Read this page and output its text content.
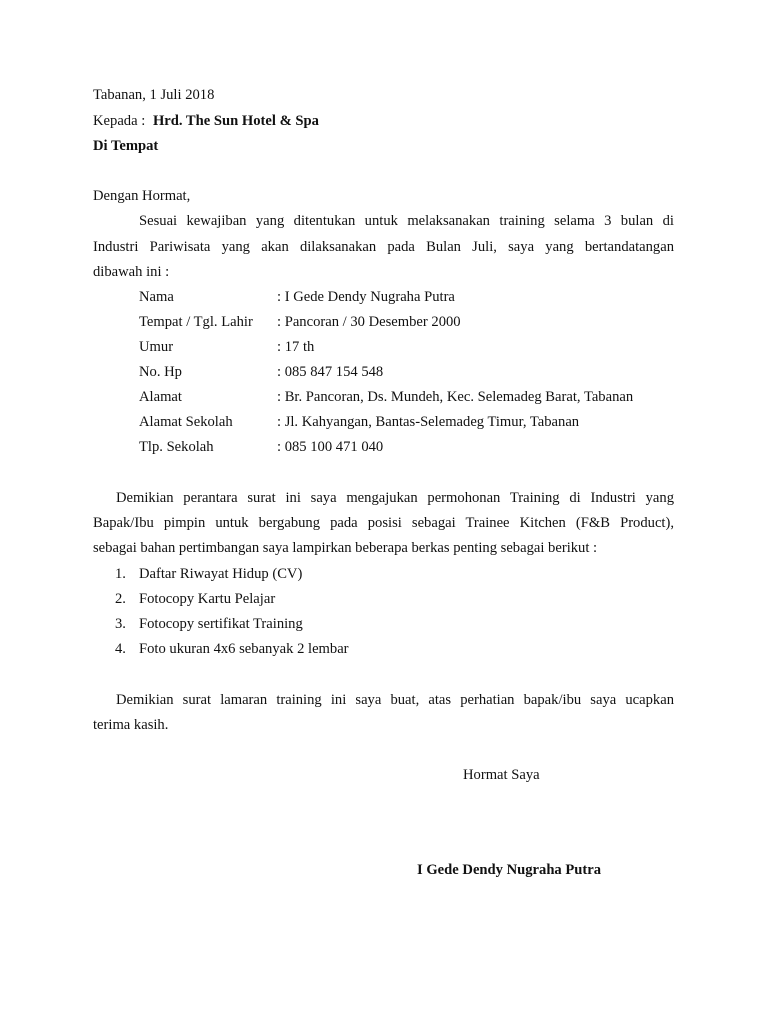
Tabanan, 1 Juli 2018
Kepada : Hrd. The Sun Hotel & Spa
Di Tempat
Dengan Hormat,
Sesuai kewajiban yang ditentukan untuk melaksanakan training selama 3 bulan di
Industri Pariwisata yang akan dilaksanakan pada Bulan Juli, saya yang bertandatangan
dibawah ini :
Nama	: I Gede Dendy Nugraha Putra
Tempat / Tgl. Lahir : Pancoran / 30 Desember 2000
Umur	: 17 th
No. Hp	: 085 847 154 548
Alamat	: Br. Pancoran, Ds. Mundeh, Kec. Selemadeg Barat, Tabanan
Alamat Sekolah	: Jl. Kahyangan, Bantas-Selemadeg Timur, Tabanan
Tlp. Sekolah	: 085 100 471 040
Demikian perantara surat ini saya mengajukan permohonan Training di Industri yang
Bapak/Ibu pimpin untuk bergabung pada posisi sebagai Trainee Kitchen (F&B Product),
sebagai bahan pertimbangan saya lampirkan beberapa berkas penting sebagai berikut :
1. Daftar Riwayat Hidup (CV)
2. Fotocopy Kartu Pelajar
3. Fotocopy sertifikat Training
4. Foto ukuran 4x6 sebanyak 2 lembar
Demikian surat lamaran training ini saya buat, atas perhatian bapak/ibu saya ucapkan
terima kasih.
Hormat Saya
I Gede Dendy Nugraha Putra
